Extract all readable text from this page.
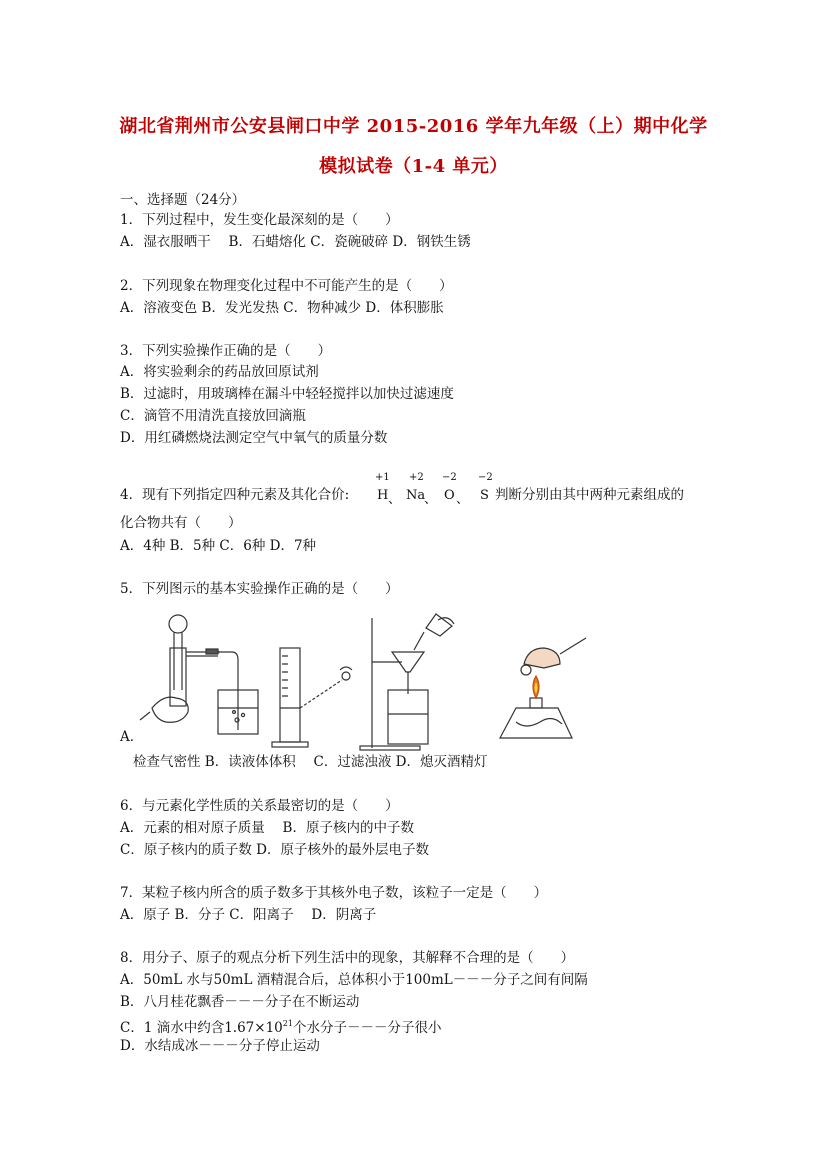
湖北省荆州市公安县闸口中学 2015-2016 学年九年级（上）期中化学
模拟试卷（1-4 单元）
一、选择题（24分）
1．下列过程中，发生变化最深刻的是（　　）
A．湿衣服晒干　 B．石蜡熔化 C．瓷碗破碎 D．钢铁生锈
2．下列现象在物理变化过程中不可能产生的是（　　）
A．溶液变色 B．发光发热 C．物种减少 D．体积膨胀
3．下列实验操作正确的是（　　）
A．将实验剩余的药品放回原试剂
B．过滤时，用玻璃棒在漏斗中轻轻搅拌以加快过滤速度
C．滴管不用清洗直接放回滴瓶
D．用红磷燃烧法测定空气中氧气的质量分数
4．现有下列指定四种元素及其化合价:
+1
H 、
+2
Na
、
−2
O 、
−2
S 判断分别由其中两种元素组成的
化合物共有（　　）
A．4种 B．5种 C．6种 D．7种
5．下列图示的基本实验操作正确的是（　　）
A．
检查气密性 B．读液体体积　 C．过滤浊液 D．熄灭酒精灯
6．与元素化学性质的关系最密切的是（　　）
A．元素的相对原子质量　 B．原子核内的中子数
C．原子核内的质子数 D．原子核外的最外层电子数
7．某粒子核内所含的质子数多于其核外电子数，该粒子一定是（　　）
A．原子 B．分子 C．阳离子　 D．阴离子
8．用分子、原子的观点分析下列生活中的现象，其解释不合理的是（　　）
A．50mL 水与50mL 酒精混合后，总体积小于100mL－－－分子之间有间隔
B．八月桂花飘香－－－分子在不断运动
C．1 滴水中约含$1.67\times 10^{21}$个水分子－－－分子很小
D．水结成冰－－－分子停止运动
